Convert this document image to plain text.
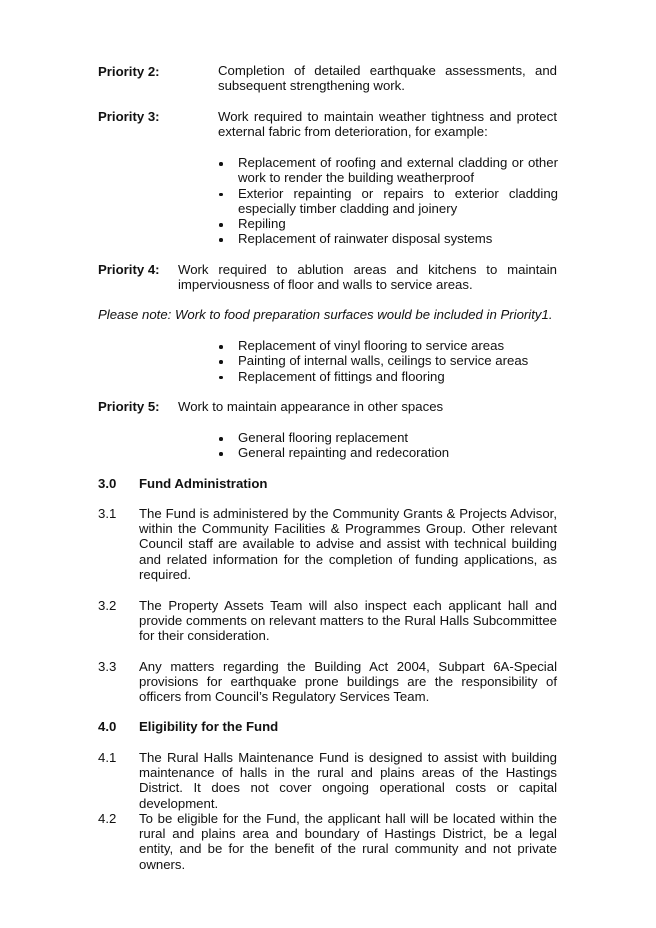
Priority 2:	Completion of detailed earthquake assessments, and subsequent strengthening work.
Priority 3:	Work required to maintain weather tightness and protect external fabric from deterioration, for example:
Replacement of roofing and external cladding or other work to render the building weatherproof
Exterior repainting or repairs to exterior cladding especially timber cladding and joinery
Repiling
Replacement of rainwater disposal systems
Priority 4: Work required to ablution areas and kitchens to maintain imperviousness of floor and walls to service areas.
Please note: Work to food preparation surfaces would be included in Priority1.
Replacement of vinyl flooring to service areas
Painting of internal walls, ceilings to service areas
Replacement of fittings and flooring
Priority 5: Work to maintain appearance in other spaces
General flooring replacement
General repainting and redecoration
3.0 Fund Administration
3.1 The Fund is administered by the Community Grants & Projects Advisor, within the Community Facilities & Programmes Group. Other relevant Council staff are available to advise and assist with technical building and related information for the completion of funding applications, as required.
3.2 The Property Assets Team will also inspect each applicant hall and provide comments on relevant matters to the Rural Halls Subcommittee for their consideration.
3.3 Any matters regarding the Building Act 2004, Subpart 6A-Special provisions for earthquake prone buildings are the responsibility of officers from Council’s Regulatory Services Team.
4.0 Eligibility for the Fund
4.1 The Rural Halls Maintenance Fund is designed to assist with building maintenance of halls in the rural and plains areas of the Hastings District. It does not cover ongoing operational costs or capital development.
4.2 To be eligible for the Fund, the applicant hall will be located within the rural and plains area and boundary of Hastings District, be a legal entity, and be for the benefit of the rural community and not private owners.
